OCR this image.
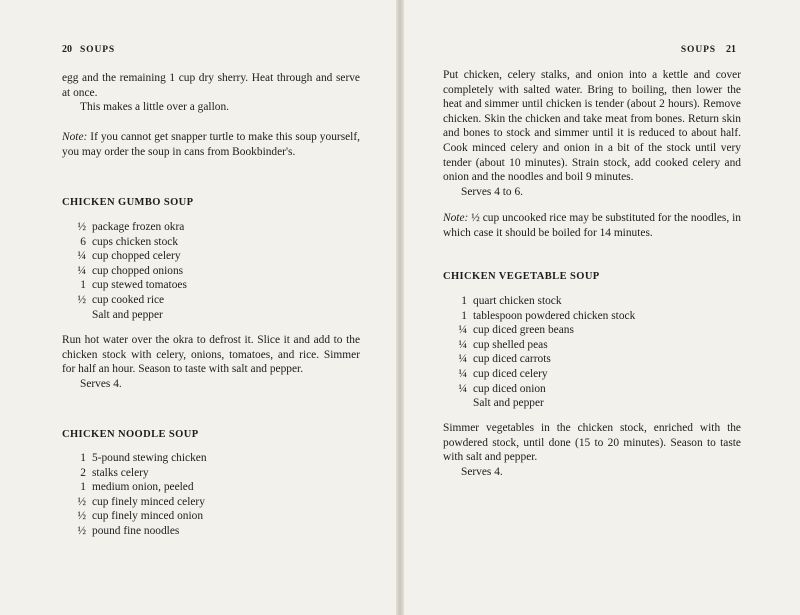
20 SOUPS

egg and the remaining 1 cup dry sherry. Heat through and serve at once.

This makes a little over a gallon.

Note: If you cannot get snapper turtle to make this soup yourself, you may order the soup in cans from Bookbinder's.

CHICKEN GUMBO SOUP
½ package frozen okra
6 cups chicken stock
¼ cup chopped celery
¼ cup chopped onions
1 cup stewed tomatoes
½ cup cooked rice
Salt and pepper

Run hot water over the okra to defrost it. Slice it and add to the chicken stock with celery, onions, tomatoes, and rice. Simmer for half an hour. Season to taste with salt and pepper.

Serves 4.

CHICKEN NOODLE SOUP
1 5-pound stewing chicken
2 stalks celery
1 medium onion, peeled
½ cup finely minced celery
½ cup finely minced onion
½ pound fine noodles
SOUPS 21

Put chicken, celery stalks, and onion into a kettle and cover completely with salted water. Bring to boiling, then lower the heat and simmer until chicken is tender (about 2 hours). Remove chicken. Skin the chicken and take meat from bones. Return skin and bones to stock and simmer until it is reduced to about half. Cook minced celery and onion in a bit of the stock until very tender (about 10 minutes). Strain stock, add cooked celery and onion and the noodles and boil 9 minutes.

Serves 4 to 6.

Note: ½ cup uncooked rice may be substituted for the noodles, in which case it should be boiled for 14 minutes.

CHICKEN VEGETABLE SOUP
1 quart chicken stock
1 tablespoon powdered chicken stock
¼ cup diced green beans
¼ cup shelled peas
¼ cup diced carrots
¼ cup diced celery
¼ cup diced onion
Salt and pepper

Simmer vegetables in the chicken stock, enriched with the powdered stock, until done (15 to 20 minutes). Season to taste with salt and pepper.

Serves 4.
